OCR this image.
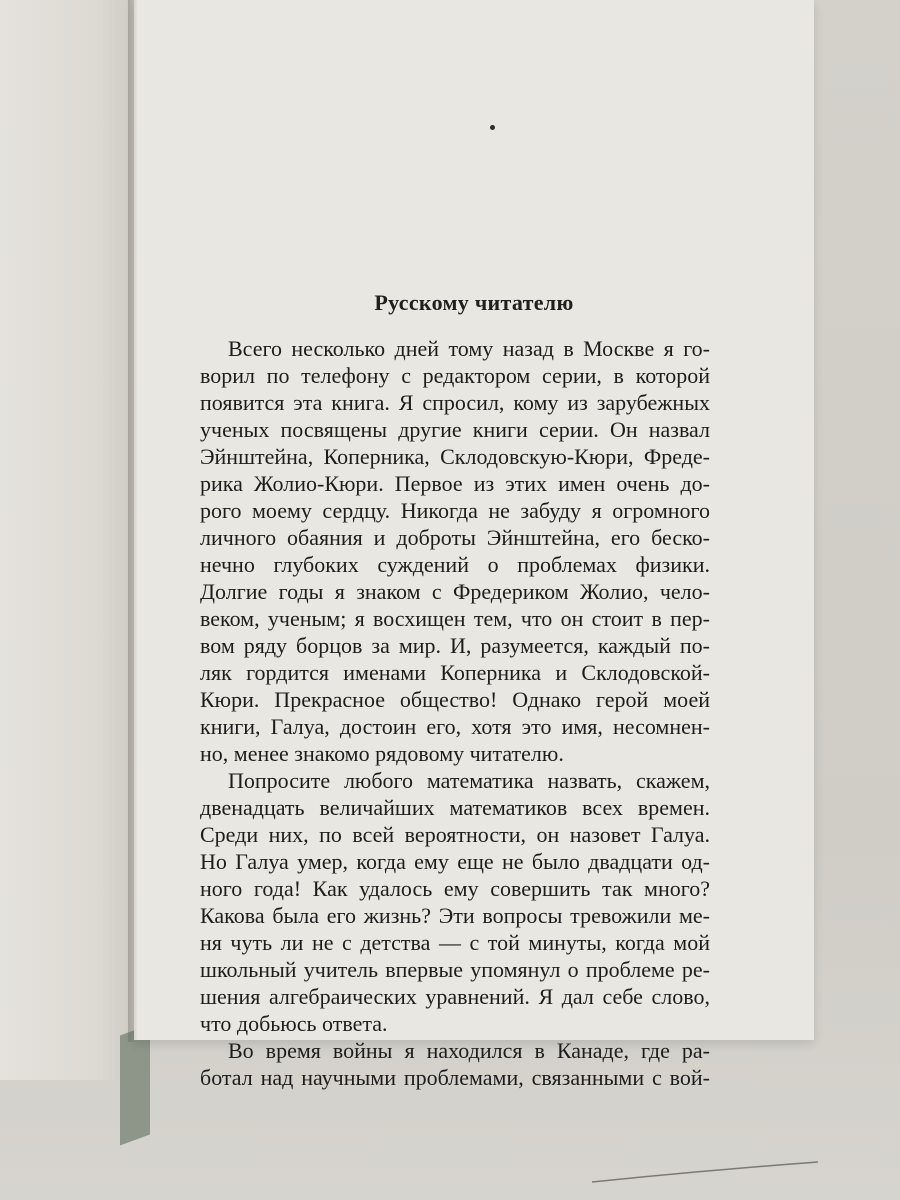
Русскому читателю
Всего несколько дней тому назад в Москве я го-
ворил по телефону с редактором серии, в которой
появится эта книга. Я спросил, кому из зарубежных
ученых посвящены другие книги серии. Он назвал
Эйнштейна, Коперника, Склодовскую-Кюри, Фреде-
рика Жолио-Кюри. Первое из этих имен очень до-
рого моему сердцу. Никогда не забуду я огромного
личного обаяния и доброты Эйнштейна, его беско-
нечно глубоких суждений о проблемах физики.
Долгие годы я знаком с Фредериком Жолио, чело-
веком, ученым; я восхищен тем, что он стоит в пер-
вом ряду борцов за мир. И, разумеется, каждый по-
ляк гордится именами Коперника и Склодовской-
Кюри. Прекрасное общество! Однако герой моей
книги, Галуа, достоин его, хотя это имя, несомнен-
но, менее знакомо рядовому читателю.
Попросите любого математика назвать, скажем,
двенадцать величайших математиков всех времен.
Среди них, по всей вероятности, он назовет Галуа.
Но Галуа умер, когда ему еще не было двадцати од-
ного года! Как удалось ему совершить так много?
Какова была его жизнь? Эти вопросы тревожили ме-
ня чуть ли не с детства — с той минуты, когда мой
школьный учитель впервые упомянул о проблеме ре-
шения алгебраических уравнений. Я дал себе слово,
что добьюсь ответа.
Во время войны я находился в Канаде, где ра-
ботал над научными проблемами, связанными с вой-
